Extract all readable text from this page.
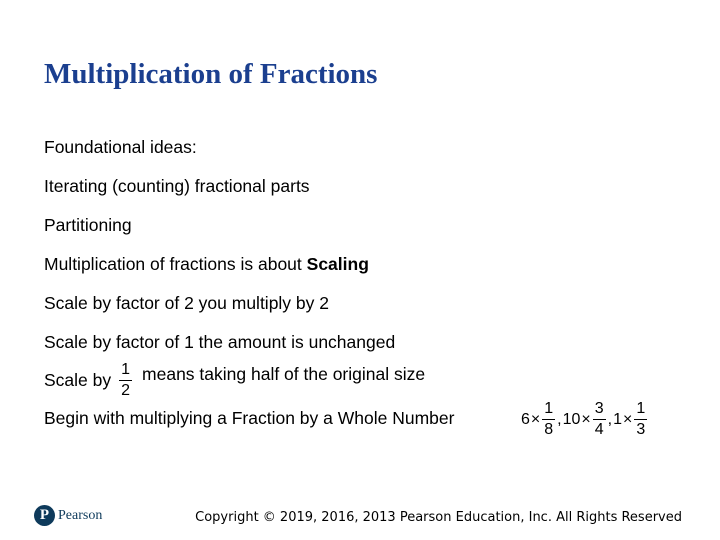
Multiplication of Fractions
Foundational ideas:
Iterating (counting) fractional parts
Partitioning
Multiplication of fractions is about Scaling
Scale by factor of 2 you multiply by 2
Scale by factor of 1 the amount is unchanged
Scale by $\frac{1}{2}$ means taking half of the original size
Begin with multiplying a Fraction by a Whole Number	$6 \times \frac{1}{8}$ , $10 \times \frac{3}{4}$ , $1 \times \frac{1}{3}$
P Pearson	Copyright © 2019, 2016, 2013 Pearson Education, Inc. All Rights Reserved
